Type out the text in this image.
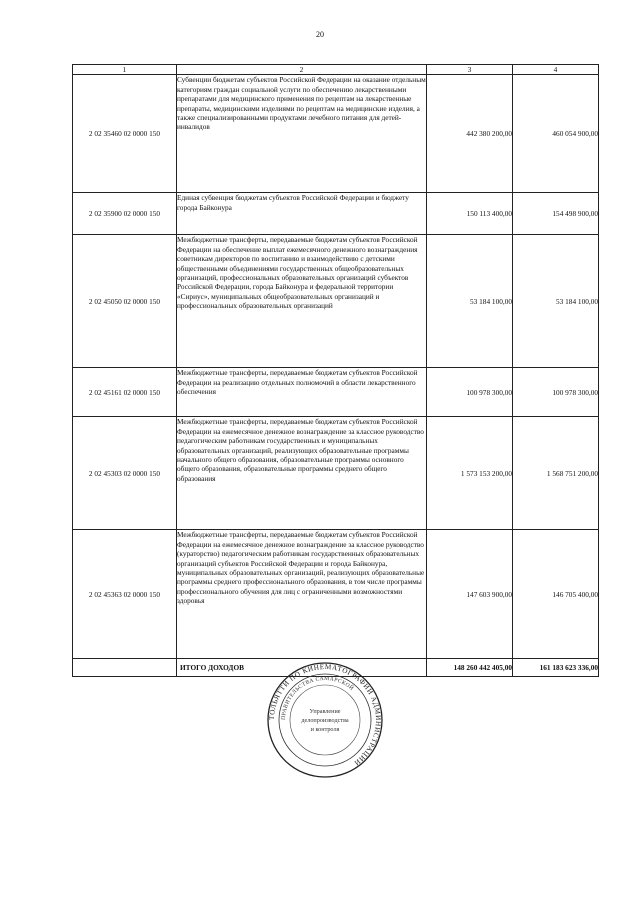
20
1	2	3	4
2 02 35460 02 0000 150	Субвенции бюджетам субъектов Российской Федерации на оказание отдельным категориям граждан социальной услуги по обеспечению лекарственными препаратами для медицинского применения по рецептам на лекарственные препараты, медицинскими изделиями по рецептам на медицинские изделия, а также специализированными продуктами лечебного питания для детей-инвалидов	442 380 200,00	460 054 900,00
2 02 35900 02 0000 150	Единая субвенция бюджетам субъектов Российской Федерации и бюджету города Байконура	150 113 400,00	154 498 900,00
2 02 45050 02 0000 150	Межбюджетные трансферты, передаваемые бюджетам субъектов Российской Федерации на обеспечение выплат ежемесячного денежного вознаграждения советникам директоров по воспитанию и взаимодействию с детскими общественными объединениями государственных общеобразовательных организаций, профессиональных образовательных организаций субъектов Российской Федерации, города Байконура и федеральной территории «Сириус», муниципальных общеобразовательных организаций и профессиональных образовательных организаций	53 184 100,00	53 184 100,00
2 02 45161 02 0000 150	Межбюджетные трансферты, передаваемые бюджетам субъектов Российской Федерации на реализацию отдельных полномочий в области лекарственного обеспечения	100 978 300,00	100 978 300,00
2 02 45303 02 0000 150	Межбюджетные трансферты, передаваемые бюджетам субъектов Российской Федерации на ежемесячное денежное вознаграждение за классное руководство педагогическим работникам государственных и муниципальных образовательных организаций, реализующих образовательные программы начального общего образования, образовательные программы основного общего образования, образовательные программы среднего общего образования	1 573 153 200,00	1 568 751 200,00
2 02 45363 02 0000 150	Межбюджетные трансферты, передаваемые бюджетам субъектов Российской Федерации на ежемесячное денежное вознаграждение за классное руководство (кураторство) педагогическим работникам государственных образовательных организаций субъектов Российской Федерации и города Байконура, муниципальных образовательных организаций, реализующих образовательные программы среднего профессионального образования, в том числе программы профессионального обучения для лиц с ограниченными возможностями здоровья	147 603 900,00	146 705 400,00
	ИТОГО ДОХОДОВ	148 260 442 405,00	161 183 623 336,00
ТОЛЬЯТТИ ПО КИНЕМАТОГРАФИИ АДМИНИСТРАЦИИ
ПРАВИТЕЛЬСТВА САМАРСКОЙ
Управление
делопроизводства
и контроля
